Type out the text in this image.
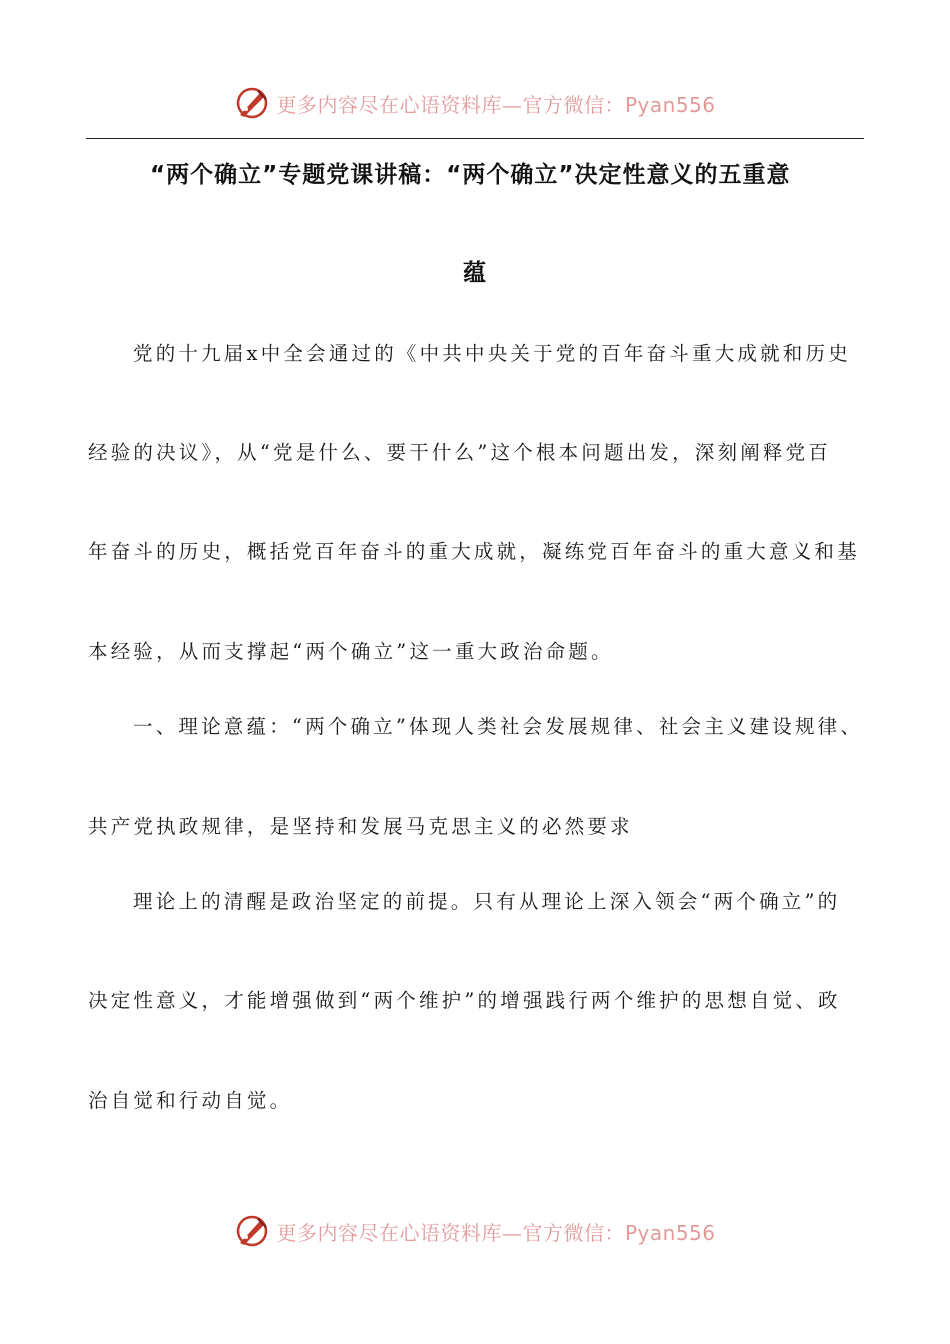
更多内容尽在心语资料库—官方微信：Pyan556
“两个确立”专题党课讲稿：“两个确立”决定性意义的五重意
蕴
党的十九届x中全会通过的《中共中央关于党的百年奋斗重大成就和历史
经验的决议》，从“党是什么、要干什么”这个根本问题出发，深刻阐释党百
年奋斗的历史，概括党百年奋斗的重大成就，凝练党百年奋斗的重大意义和基
本经验，从而支撑起“两个确立”这一重大政治命题。
一、理论意蕴：“两个确立”体现人类社会发展规律、社会主义建设规律、
共产党执政规律，是坚持和发展马克思主义的必然要求
理论上的清醒是政治坚定的前提。只有从理论上深入领会“两个确立”的
决定性意义，才能增强做到“两个维护”的增强践行两个维护的思想自觉、政
治自觉和行动自觉。
更多内容尽在心语资料库—官方微信：Pyan556
